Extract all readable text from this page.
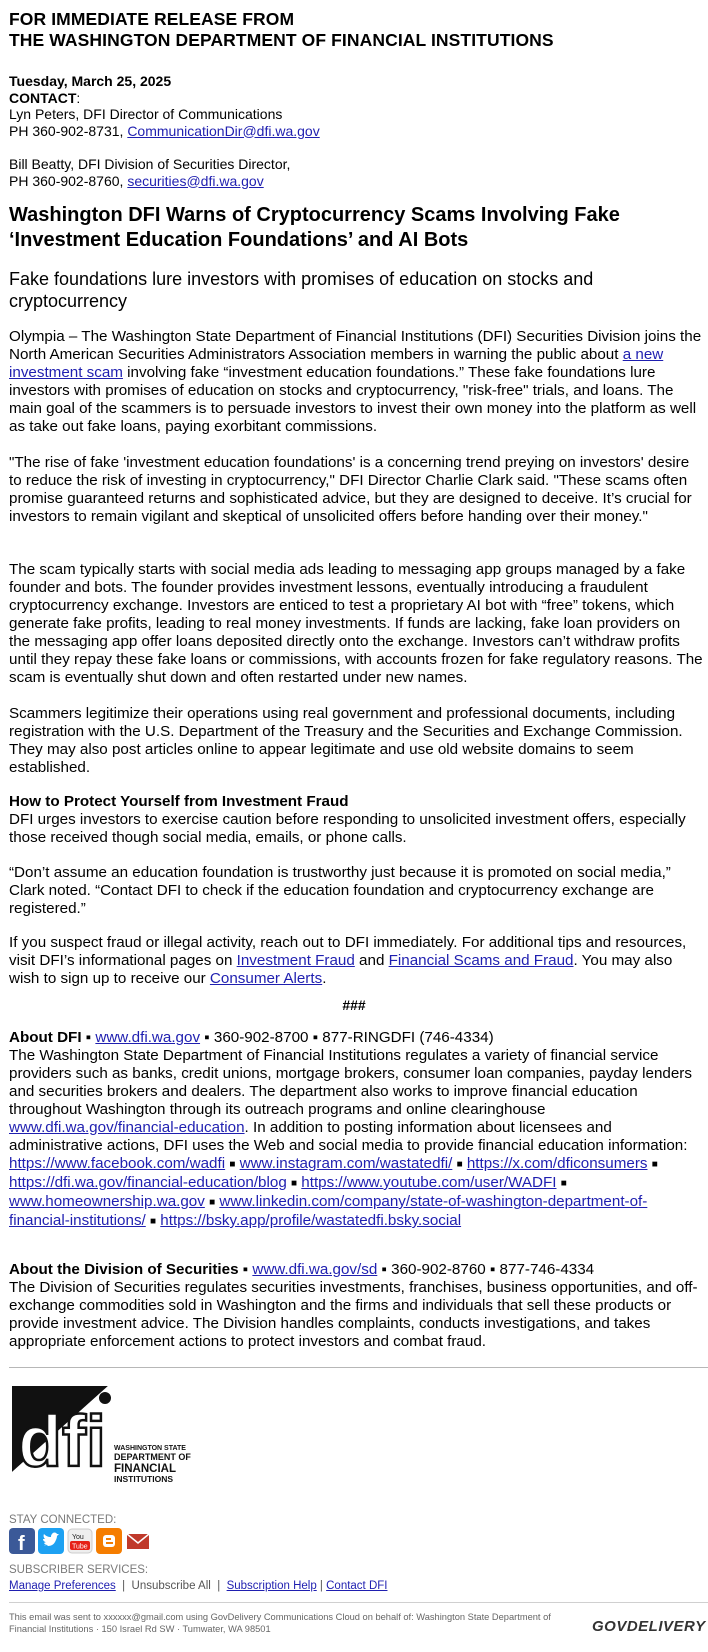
FOR IMMEDIATE RELEASE FROM
THE WASHINGTON DEPARTMENT OF FINANCIAL INSTITUTIONS
Tuesday, March 25, 2025
CONTACT:
Lyn Peters, DFI Director of Communications
PH 360-902-8731, CommunicationDir@dfi.wa.gov
Bill Beatty, DFI Division of Securities Director,
PH 360-902-8760, securities@dfi.wa.gov
Washington DFI Warns of Cryptocurrency Scams Involving Fake
‘Investment Education Foundations’ and AI Bots
Fake foundations lure investors with promises of education on stocks and cryptocurrency

Olympia – The Washington State Department of Financial Institutions (DFI) Securities Division joins the North American Securities Administrators Association members in warning the public about a new investment scam involving fake “investment education foundations.” These fake foundations lure investors with promises of education on stocks and cryptocurrency, "risk-free" trials, and loans. The main goal of the scammers is to persuade investors to invest their own money into the platform as well as take out fake loans, paying exorbitant commissions.

"The rise of fake 'investment education foundations' is a concerning trend preying on investors' desire to reduce the risk of investing in cryptocurrency," DFI Director Charlie Clark said. "These scams often promise guaranteed returns and sophisticated advice, but they are designed to deceive. It’s crucial for investors to remain vigilant and skeptical of unsolicited offers before handing over their money."
The scam typically starts with social media ads leading to messaging app groups managed by a fake founder and bots. The founder provides investment lessons, eventually introducing a fraudulent cryptocurrency exchange. Investors are enticed to test a proprietary AI bot with “free” tokens, which generate fake profits, leading to real money investments. If funds are lacking, fake loan providers on the messaging app offer loans deposited directly onto the exchange. Investors can’t withdraw profits until they repay these fake loans or commissions, with accounts frozen for fake regulatory reasons. The scam is eventually shut down and often restarted under new names.
Scammers legitimize their operations using real government and professional documents, including registration with the U.S. Department of the Treasury and the Securities and Exchange Commission. They may also post articles online to appear legitimate and use old website domains to seem established.

How to Protect Yourself from Investment Fraud

DFI urges investors to exercise caution before responding to unsolicited investment offers, especially those received though social media, emails, or phone calls.

“Don’t assume an education foundation is trustworthy just because it is promoted on social media,” Clark noted. “Contact DFI to check if the education foundation and cryptocurrency exchange are registered.”

If you suspect fraud or illegal activity, reach out to DFI immediately. For additional tips and resources, visit DFI’s informational pages on Investment Fraud and Financial Scams and Fraud. You may also wish to sign up to receive our Consumer Alerts.

###

About DFI ▪ www.dfi.wa.gov ▪ 360-902-8700 ▪ 877-RINGDFI (746-4334)

The Washington State Department of Financial Institutions regulates a variety of financial service providers such as banks, credit unions, mortgage brokers, consumer loan companies, payday lenders and securities brokers and dealers. The department also works to improve financial education throughout Washington through its outreach programs and online clearinghouse www.dfi.wa.gov/financial-education. In addition to posting information about licensees and administrative actions, DFI uses the Web and social media to provide financial education information: https://www.facebook.com/wadfi ■ www.instagram.com/wastatedfi/ ■ https://x.com/dficonsumers ■ https://dfi.wa.gov/financial-education/blog ■ https://www.youtube.com/user/WADFI ■ www.homeownership.wa.gov ■ www.linkedin.com/company/state-of-washington-department-of-financial-institutions/ ■ https://bsky.app/profile/wastatedfi.bsky.social

About the Division of Securities ▪ www.dfi.wa.gov/sd ▪ 360-902-8760 ▪ 877-746-4334

The Division of Securities regulates securities investments, franchises, business opportunities, and off-exchange commodities sold in Washington and the firms and individuals that sell these products or provide investment advice. The Division handles complaints, conducts investigations, and takes appropriate enforcement actions to protect investors and combat fraud.

dfi WASHINGTON STATE
DEPARTMENT OF
FINANCIAL
INSTITUTIONS
STAY CONNECTED:
f	You
Tube
SUBSCRIBER SERVICES:
Manage Preferences  |  Unsubscribe All  |  Subscription Help | Contact DFI
This email was sent to xxxxxx@gmail.com using GovDelivery Communications Cloud on behalf of: Washington State Department of Financial Institutions · 150 Israel Rd SW · Tumwater, WA 98501	GOVDELIVERY
